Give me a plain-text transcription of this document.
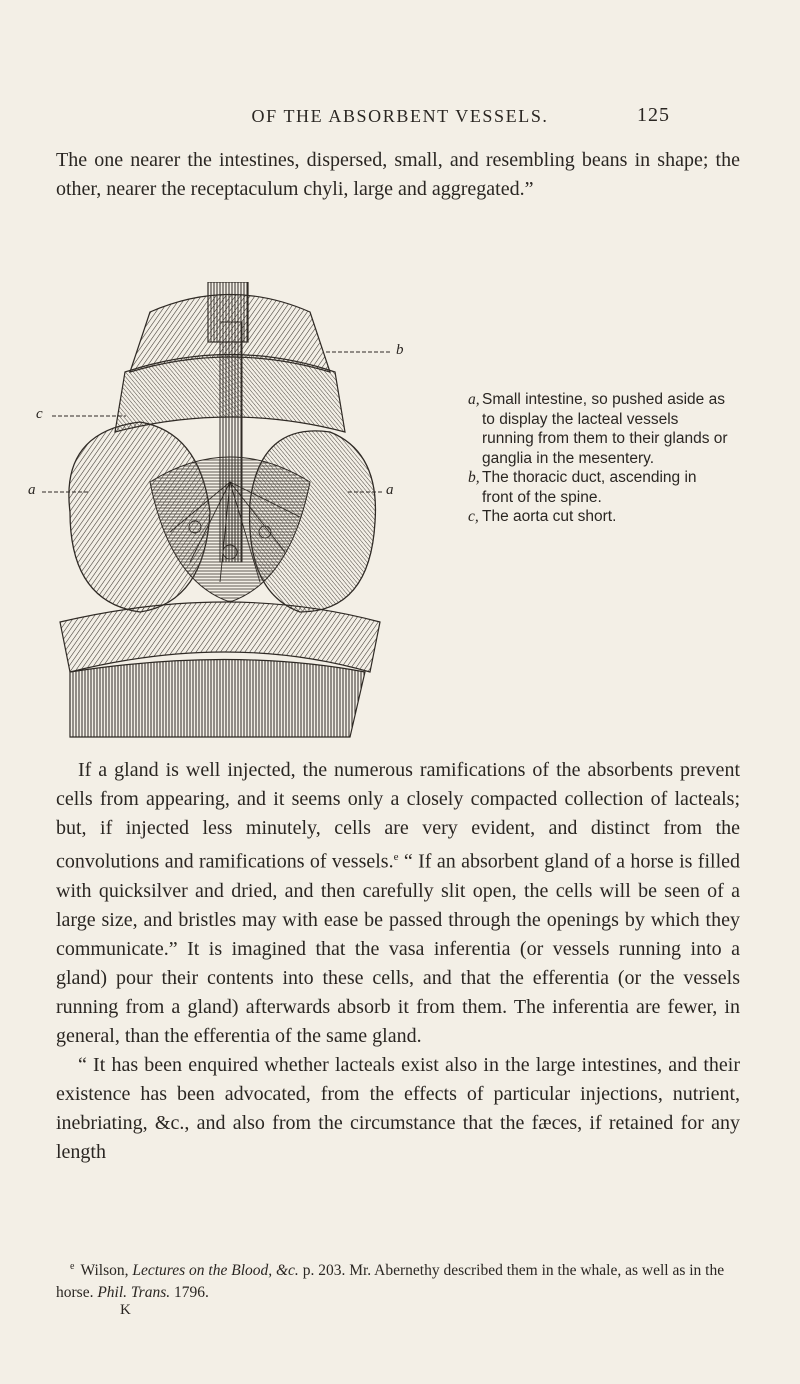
OF THE ABSORBENT VESSELS.	125
The one nearer the intestines, dispersed, small, and resembling beans in shape; the other, nearer the receptaculum chyli, large and aggregated.”
b
c
a	a

a, Small intestine, so pushed aside as to display the lacteal vessels running from them to their glands or ganglia in the mesentery.

b, The thoracic duct, ascending in front of the spine.

c, The aorta cut short.

If a gland is well injected, the numerous ramifications of the absorbents prevent cells from appearing, and it seems only a closely compacted collection of lacteals; but, if injected less minutely, cells are very evident, and distinct from the convolutions and ramifications of vessels.$^e$ “ If an absorbent gland of a horse is filled with quicksilver and dried, and then carefully slit open, the cells will be seen of a large size, and bristles may with ease be passed through the openings by which they communicate.” It is imagined that the vasa inferentia (or vessels running into a gland) pour their contents into these cells, and that the efferentia (or the vessels running from a gland) afterwards absorb it from them. The inferentia are fewer, in general, than the efferentia of the same gland.

“ It has been enquired whether lacteals exist also in the large intestines, and their existence has been advocated, from the effects of particular injections, nutrient, inebriating, &c., and also from the circumstance that the fæces, if retained for any length

$^e$ Wilson, Lectures on the Blood, &c. p. 203. Mr. Abernethy described them in the whale, as well as in the horse. Phil. Trans. 1796.
K
